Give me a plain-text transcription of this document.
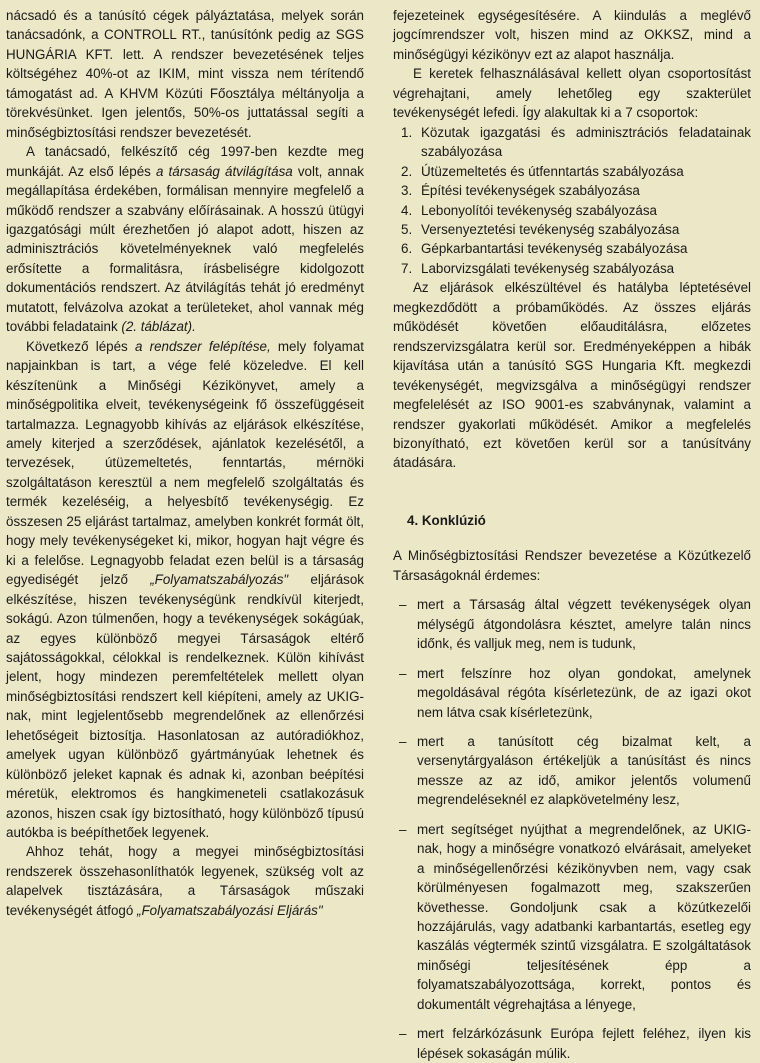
nácsadó és a tanúsító cégek pályáztatása, melyek során tanácsadónk, a CONTROLL RT., tanúsítónk pedig az SGS HUNGÁRIA KFT. lett. A rendszer bevezetésének teljes költségéhez 40%-ot az IKIM, mint vissza nem térítendő támogatást ad. A KHVM Közúti Főosztálya méltányolja a törekvésünket. Igen jelentős, 50%-os juttatással segíti a minőségbiztosítási rendszer bevezetését.

A tanácsadó, felkészítő cég 1997-ben kezdte meg munkáját. Az első lépés a társaság átvilágítása volt, annak megállapítása érdekében, formálisan mennyire megfelelő a működő rendszer a szabvány előírásainak. A hosszú ütügyi igazgatósági múlt érezhetően jó alapot adott, hiszen az adminisztrációs követelményeknek való megfelelés erősítette a formalitásra, írásbeliségre kidolgozott dokumentációs rendszert. Az átvilágítás tehát jó eredményt mutatott, felvázolva azokat a területeket, ahol vannak még további feladataink (2. táblázat).

Következő lépés a rendszer felépítése, mely folyamat napjainkban is tart, a vége felé közeledve. El kell készítenünk a Minőségi Kézikönyvet, amely a minőségpolitika elveit, tevékenységeink fő összefüggéseit tartalmazza. Legnagyobb kihívás az eljárások elkészítése, amely kiterjed a szerződések, ajánlatok kezelésétől, a tervezések, útüzemeltetés, fenntartás, mérnöki szolgáltatáson keresztül a nem megfelelő szolgáltatás és termék kezeléséig, a helyesbítő tevékenységig. Ez összesen 25 eljárást tartalmaz, amelyben konkrét formát ölt, hogy mely tevékenységeket ki, mikor, hogyan hajt végre és ki a felelőse. Legnagyobb feladat ezen belül is a társaság egyediségét jelző „Folyamatszabályozás" eljárások elkészítése, hiszen tevékenységünk rendkívül kiterjedt, sokágú. Azon túlmenően, hogy a tevékenységek sokágúak, az egyes különböző megyei Társaságok eltérő sajátosságokkal, célokkal is rendelkeznek. Külön kihívást jelent, hogy mindezen peremfeltételek mellett olyan minőségbiztosítási rendszert kell kiépíteni, amely az UKIG-nak, mint legjelentősebb megrendelőnek az ellenőrzési lehetőségeit biztosítja. Hasonlatosan az autóradiókhoz, amelyek ugyan különböző gyártmányúak lehetnek és különböző jeleket kapnak és adnak ki, azonban beépítési méretük, elektromos és hangkimeneteli csatlakozásuk azonos, hiszen csak így biztosítható, hogy különböző típusú autókba is beépíthetőek legyenek.

Ahhoz tehát, hogy a megyei minőségbiztosítási rendszerek összehasonlíthatók legyenek, szükség volt az alapelvek tisztázására, a Társaságok műszaki tevékenységét átfogó „Folyamatszabályozási Eljárás"

fejezeteinek egységesítésére. A kiindulás a meglévő jogcímrendszer volt, hiszen mind az OKKSZ, mind a minőségügyi kézikönyv ezt az alapot használja.

E keretek felhasználásával kellett olyan csoportosítást végrehajtani, amely lehetőleg egy szakterület tevékenységét lefedi. Így alakultak ki a 7 csoportok:

1. Közutak igazgatási és adminisztrációs feladatainak szabályozása
2. Útüzemeltetés és útfenntartás szabályozása
3. Építési tevékenységek szabályozása
4. Lebonyolítói tevékenység szabályozása
5. Versenyeztetési tevékenység szabályozása
6. Gépkarbantartási tevékenység szabályozása
7. Laborvizsgálati tevékenység szabályozása

Az eljárások elkészültével és hatályba léptetésével megkezdődött a próbaműködés. Az összes eljárás működését követően előauditálásra, előzetes rendszervizsgálatra kerül sor. Eredményeképpen a hibák kijavítása után a tanúsító SGS Hungaria Kft. megkezdi tevékenységét, megvizsgálva a minőségügyi rendszer megfelelését az ISO 9001-es szabványnak, valamint a rendszer gyakorlati működését. Amikor a megfelelés bizonyítható, ezt követően kerül sor a tanúsítvány átadására.

4. Konklúzió

A Minőségbiztosítási Rendszer bevezetése a Közútkezelő Társaságoknál érdemes:

– mert a Társaság által végzett tevékenységek olyan mélységű átgondolásra késztet, amelyre talán nincs időnk, és valljuk meg, nem is tudunk,
– mert felszínre hoz olyan gondokat, amelynek megoldásával régóta kísérletezünk, de az igazi okot nem látva csak kísérletezünk,
– mert a tanúsított cég bizalmat kelt, a versenytárgyaláson értékeljük a tanúsítást és nincs messze az az idő, amikor jelentős volumenű megrendeléseknél ez alapkövetelmény lesz,
– mert segítséget nyújthat a megrendelőnek, az UKIG-nak, hogy a minőségre vonatkozó elvárásait, amelyeket a minőségellenőrzési kézikönyvben nem, vagy csak körülményesen fogalmazott meg, szakszerűen követhesse. Gondoljunk csak a közútkezelői hozzájárulás, vagy adatbanki karbantartás, esetleg egy kaszálás végtermék szintű vizsgálatra. E szolgáltatások minőségi teljesítésének épp a folyamatszabályozottsága, korrekt, pontos és dokumentált végrehajtása a lényege,
– mert felzárkózásunk Európa fejlett feléhez, ilyen kis lépések sokaságán múlik.
